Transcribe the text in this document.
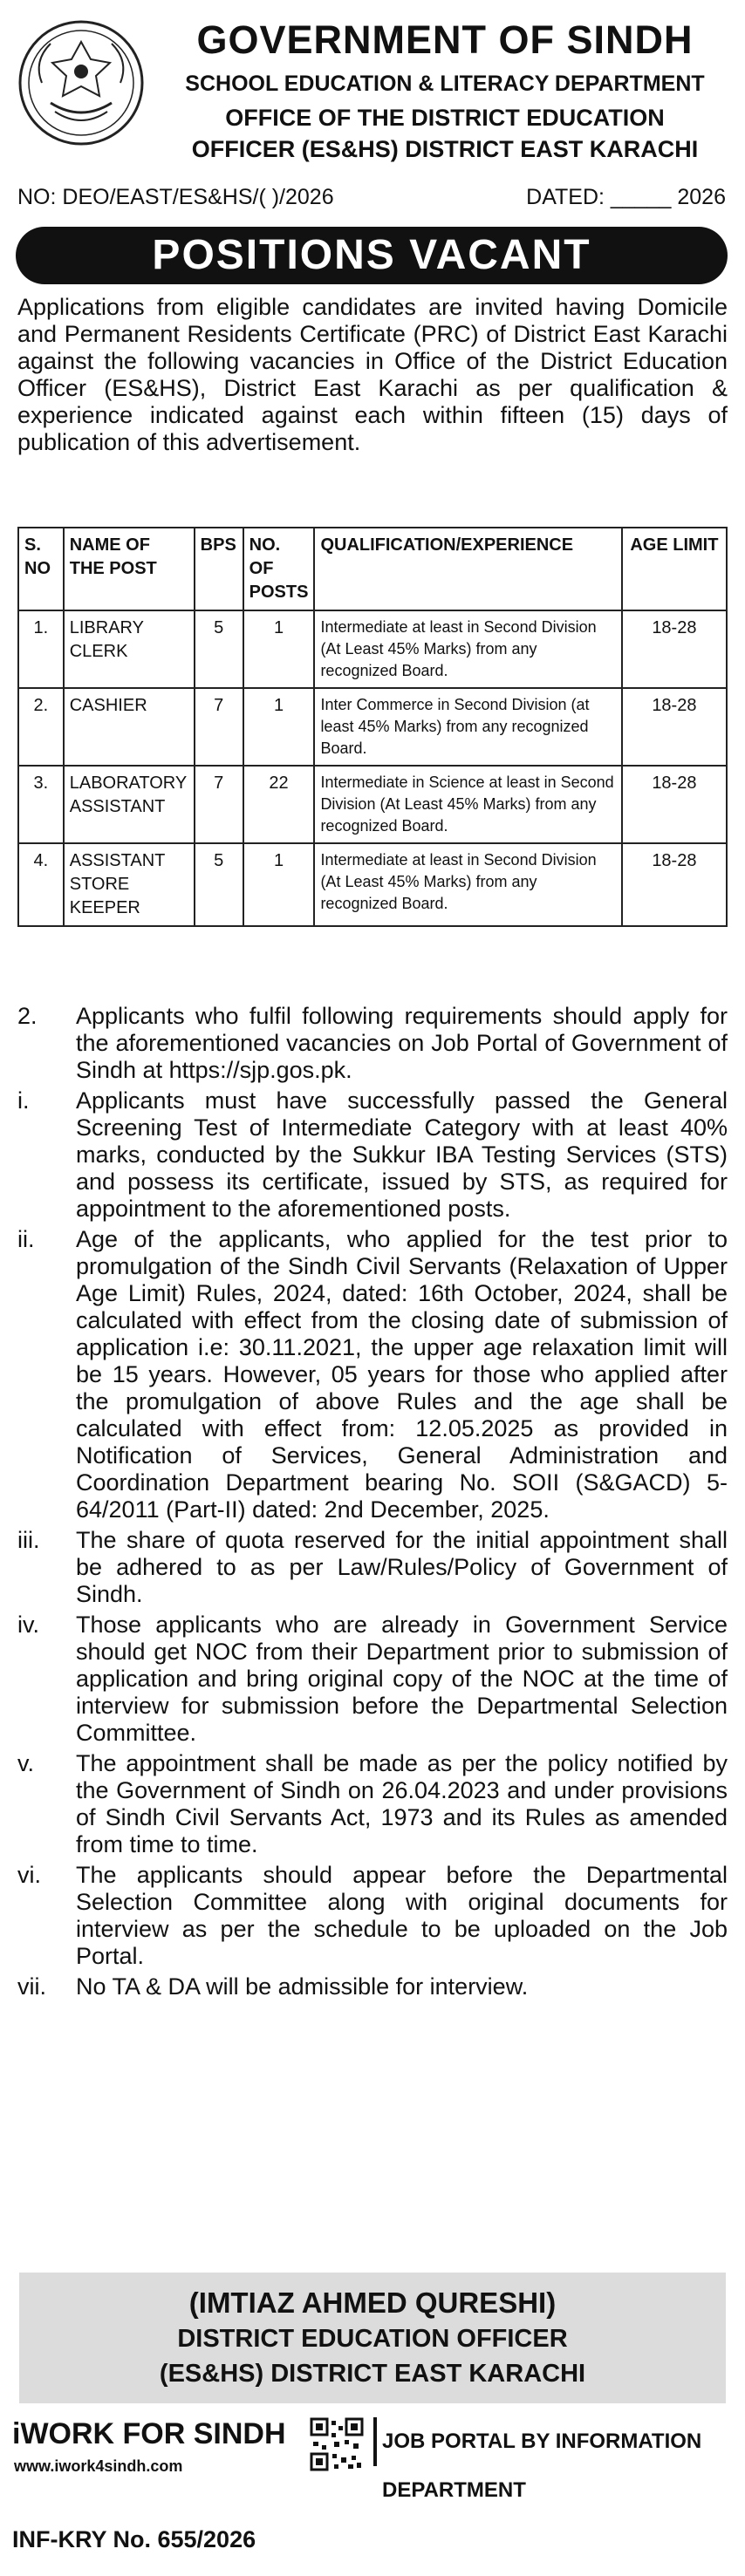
GOVERNMENT OF SINDH
SCHOOL EDUCATION & LITERACY DEPARTMENT
OFFICE OF THE DISTRICT EDUCATION
OFFICER (ES&HS) DISTRICT EAST KARACHI
NO: DEO/EAST/ES&HS/( )/2026	DATED: _____ 2026
POSITIONS VACANT
Applications from eligible candidates are invited having Domicile and Permanent Residents Certificate (PRC) of District East Karachi against the following vacancies in Office of the District Education Officer (ES&HS), District East Karachi as per qualification & experience indicated against each within fifteen (15) days of publication of this advertisement.
S. NO	NAME OF THE POST	BPS	NO. OF POSTS	QUALIFICATION/EXPERIENCE	AGE LIMIT
1.	LIBRARY CLERK	5	1	Intermediate at least in Second Division (At Least 45% Marks) from any recognized Board.	18-28
2.	CASHIER	7	1	Inter Commerce in Second Division (at least 45% Marks) from any recognized Board.	18-28
3.	LABORATORY ASSISTANT	7	22	Intermediate in Science at least in Second Division (At Least 45% Marks) from any recognized Board.	18-28
4.	ASSISTANT STORE KEEPER	5	1	Intermediate at least in Second Division (At Least 45% Marks) from any recognized Board.	18-28
2. Applicants who fulfil following requirements should apply for the aforementioned vacancies on Job Portal of Government of Sindh at https://sjp.gos.pk.
i. Applicants must have successfully passed the General Screening Test of Intermediate Category with at least 40% marks, conducted by the Sukkur IBA Testing Services (STS) and possess its certificate, issued by STS, as required for appointment to the aforementioned posts.
ii. Age of the applicants, who applied for the test prior to promulgation of the Sindh Civil Servants (Relaxation of Upper Age Limit) Rules, 2024, dated: 16th October, 2024, shall be calculated with effect from the closing date of submission of application i.e: 30.11.2021, the upper age relaxation limit will be 15 years. However, 05 years for those who applied after the promulgation of above Rules and the age shall be calculated with effect from: 12.05.2025 as provided in Notification of Services, General Administration and Coordination Department bearing No. SOII (S&GACD) 5-64/2011 (Part-II) dated: 2nd December, 2025.
iii. The share of quota reserved for the initial appointment shall be adhered to as per Law/Rules/Policy of Government of Sindh.
iv. Those applicants who are already in Government Service should get NOC from their Department prior to submission of application and bring original copy of the NOC at the time of interview for submission before the Departmental Selection Committee.
v. The appointment shall be made as per the policy notified by the Government of Sindh on 26.04.2023 and under provisions of Sindh Civil Servants Act, 1973 and its Rules as amended from time to time.
vi. The applicants should appear before the Departmental Selection Committee along with original documents for interview as per the schedule to be uploaded on the Job Portal.
vii. No TA & DA will be admissible for interview.
(IMTIAZ AHMED QURESHI)
DISTRICT EDUCATION OFFICER
(ES&HS) DISTRICT EAST KARACHI
iWORK FOR SINDH
www.iwork4sindh.com
JOB PORTAL BY INFORMATION DEPARTMENT
INF-KRY No. 655/2026
